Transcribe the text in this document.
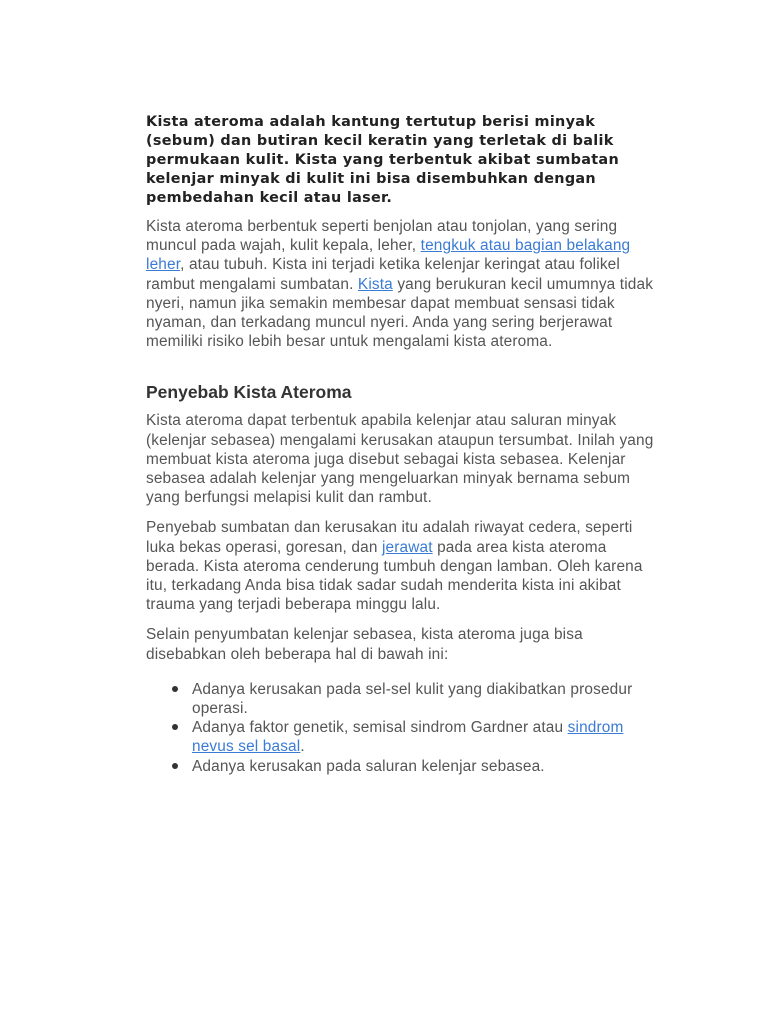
Kista ateroma adalah kantung tertutup berisi minyak (sebum) dan butiran kecil keratin yang terletak di balik permukaan kulit. Kista yang terbentuk akibat sumbatan kelenjar minyak di kulit ini bisa disembuhkan dengan pembedahan kecil atau laser.

Kista ateroma berbentuk seperti benjolan atau tonjolan, yang sering muncul pada wajah, kulit kepala, leher, tengkuk atau bagian belakang leher, atau tubuh. Kista ini terjadi ketika kelenjar keringat atau folikel rambut mengalami sumbatan. Kista yang berukuran kecil umumnya tidak nyeri, namun jika semakin membesar dapat membuat sensasi tidak nyaman, dan terkadang muncul nyeri. Anda yang sering berjerawat memiliki risiko lebih besar untuk mengalami kista ateroma.

Penyebab Kista Ateroma

Kista ateroma dapat terbentuk apabila kelenjar atau saluran minyak (kelenjar sebasea) mengalami kerusakan ataupun tersumbat. Inilah yang membuat kista ateroma juga disebut sebagai kista sebasea. Kelenjar sebasea adalah kelenjar yang mengeluarkan minyak bernama sebum yang berfungsi melapisi kulit dan rambut.

Penyebab sumbatan dan kerusakan itu adalah riwayat cedera, seperti luka bekas operasi, goresan, dan jerawat pada area kista ateroma berada. Kista ateroma cenderung tumbuh dengan lamban. Oleh karena itu, terkadang Anda bisa tidak sadar sudah menderita kista ini akibat trauma yang terjadi beberapa minggu lalu.

Selain penyumbatan kelenjar sebasea, kista ateroma juga bisa disebabkan oleh beberapa hal di bawah ini:

Adanya kerusakan pada sel-sel kulit yang diakibatkan prosedur operasi.
Adanya faktor genetik, semisal sindrom Gardner atau sindrom nevus sel basal.
Adanya kerusakan pada saluran kelenjar sebasea.
